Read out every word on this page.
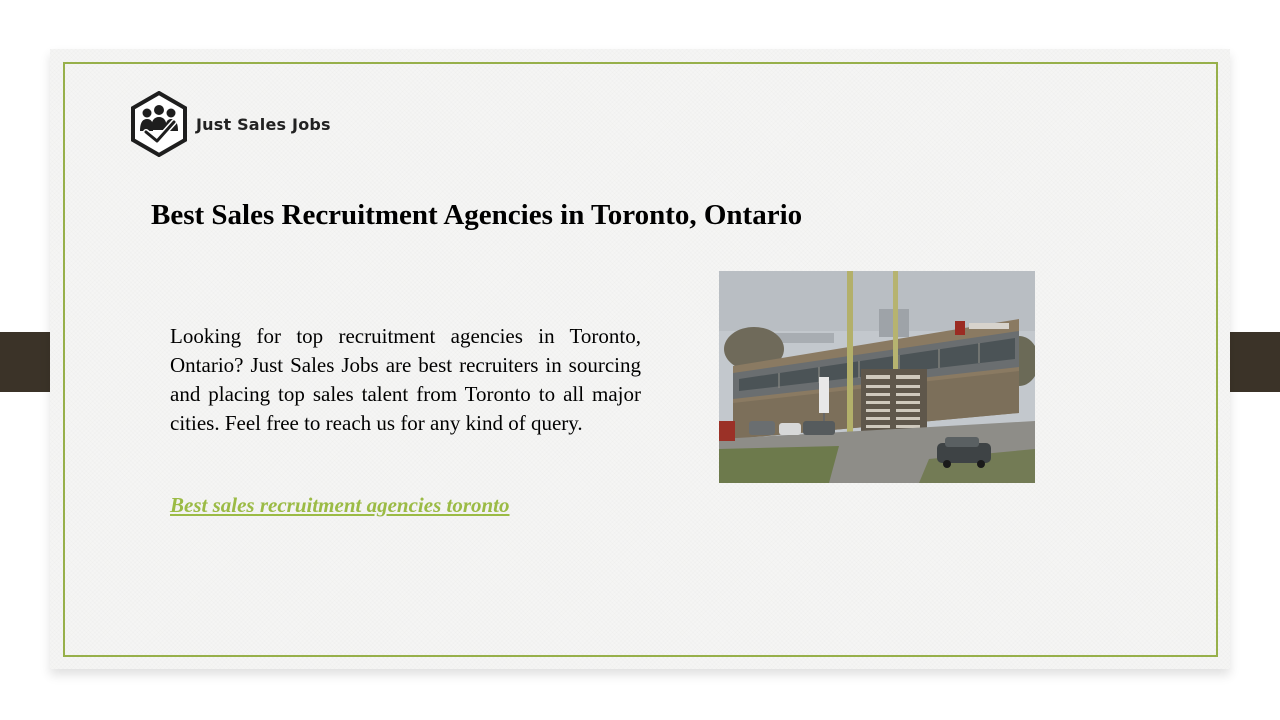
Just Sales Jobs
Best Sales Recruitment Agencies in Toronto, Ontario

Looking for top recruitment agencies in Toronto, Ontario? Just Sales Jobs are best recruiters in sourcing and placing top sales talent from Toronto to all major cities. Feel free to reach us for any kind of query.

Best sales recruitment agencies toronto
